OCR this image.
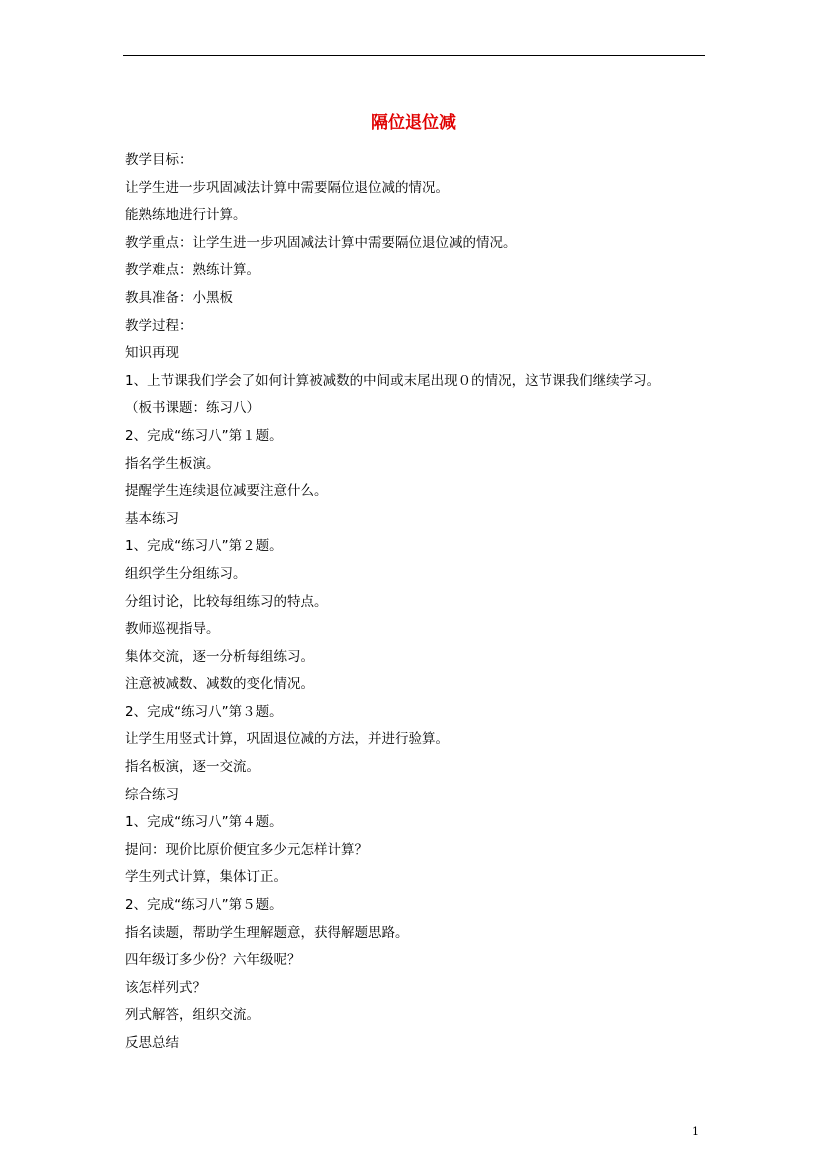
隔位退位减
教学目标：
让学生进一步巩固减法计算中需要隔位退位减的情况。
能熟练地进行计算。
教学重点：让学生进一步巩固减法计算中需要隔位退位减的情况。
教学难点：熟练计算。
教具准备：小黑板
教学过程：
知识再现
1、上节课我们学会了如何计算被减数的中间或末尾出现０的情况，这节课我们继续学习。
（板书课题：练习八）
2、完成“练习八”第１题。
指名学生板演。
提醒学生连续退位减要注意什么。
基本练习
1、完成“练习八”第２题。
组织学生分组练习。
分组讨论，比较每组练习的特点。
教师巡视指导。
集体交流，逐一分析每组练习。
注意被减数、减数的变化情况。
2、完成“练习八”第３题。
让学生用竖式计算，巩固退位减的方法，并进行验算。
指名板演，逐一交流。
综合练习
1、完成“练习八”第４题。
提问：现价比原价便宜多少元怎样计算？
学生列式计算，集体订正。
2、完成“练习八”第５题。
指名读题，帮助学生理解题意，获得解题思路。
四年级订多少份？六年级呢？
该怎样列式？
列式解答，组织交流。
反思总结
1
